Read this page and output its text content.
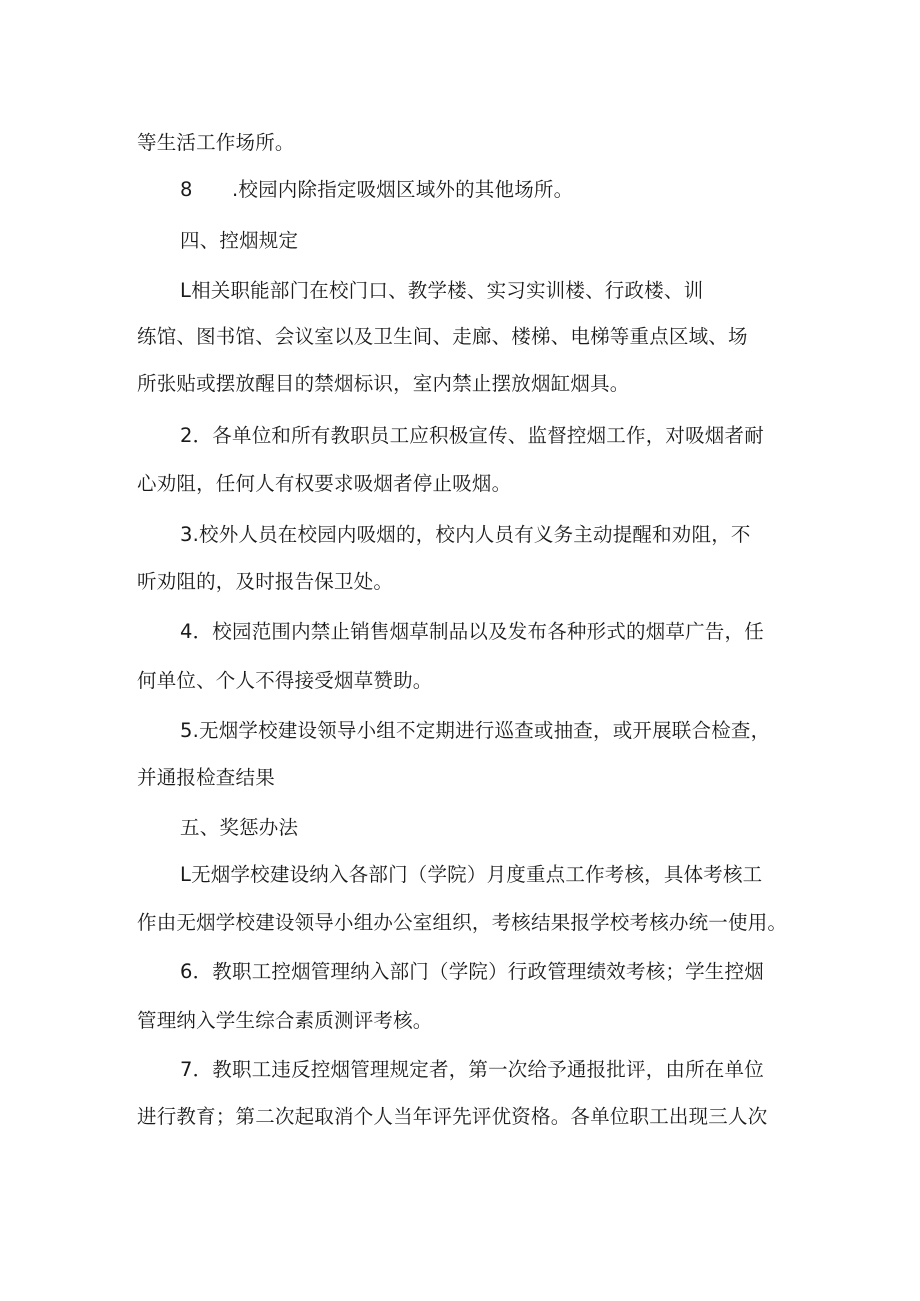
等生活工作场所。
8　　.校园内除指定吸烟区域外的其他场所。
四、控烟规定
L相关职能部门在校门口、教学楼、实习实训楼、行政楼、训
练馆、图书馆、会议室以及卫生间、走廊、楼梯、电梯等重点区域、场
所张贴或摆放醒目的禁烟标识，室内禁止摆放烟缸烟具。
2．各单位和所有教职员工应积极宣传、监督控烟工作，对吸烟者耐
心劝阻，任何人有权要求吸烟者停止吸烟。
3.校外人员在校园内吸烟的，校内人员有义务主动提醒和劝阻，不
听劝阻的，及时报告保卫处。
4．校园范围内禁止销售烟草制品以及发布各种形式的烟草广告，任
何单位、个人不得接受烟草赞助。
5.无烟学校建设领导小组不定期进行巡查或抽查，或开展联合检查，
并通报检查结果
五、奖惩办法
L无烟学校建设纳入各部门（学院）月度重点工作考核，具体考核工
作由无烟学校建设领导小组办公室组织，考核结果报学校考核办统一使用。
6．教职工控烟管理纳入部门（学院）行政管理绩效考核；学生控烟
管理纳入学生综合素质测评考核。
7．教职工违反控烟管理规定者，第一次给予通报批评，由所在单位
进行教育；第二次起取消个人当年评先评优资格。各单位职工出现三人次
